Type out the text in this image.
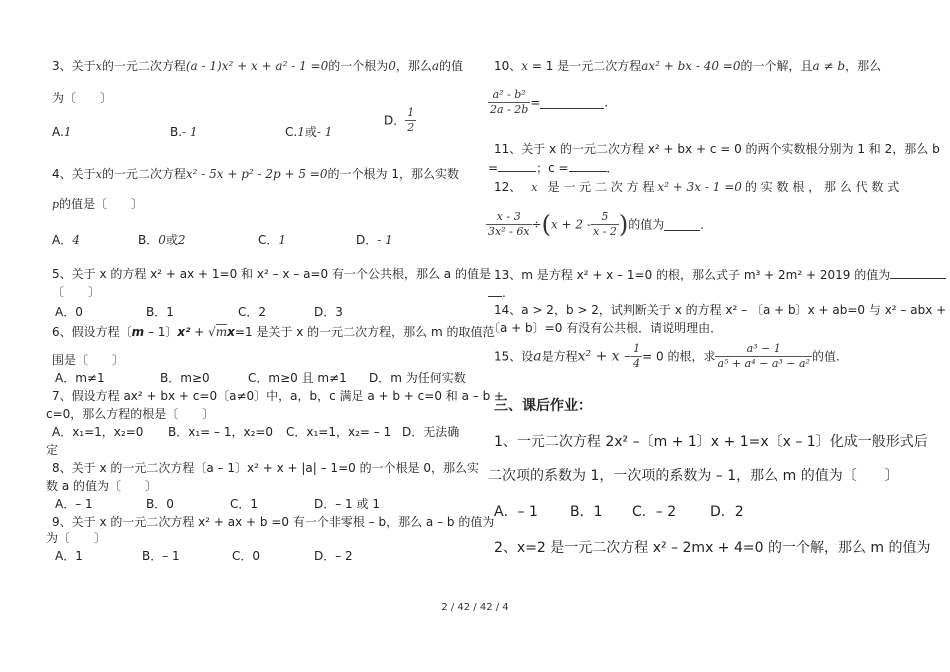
3、关于x的一元二次方程(a - 1)x² + x + a² - 1 =0的一个根为0，那么a的值
为〔　　〕
A.1	B.- 1	C.1或- 1
D． $\frac{1}{2}$
4、关于x的一元二次方程x² - 5x + p² - 2p + 5 =0的一个根为 1，那么实数
p的值是〔　　〕
A．4	B．0或2	C．1	D．- 1
5、关于 x 的方程 x² + ax + 1=0 和 x² – x – a=0 有一个公共根，那么 a 的值是
〔　　〕
A．0	B．1	C．2	D．3
6、假设方程〔m – 1〕x² + √mx=1 是关于 x 的一元二次方程，那么 m 的取值范
围是〔　　〕
A．m≠1	B．m≥0	C．m≥0 且 m≠1 D．m 为任何实数
7、假设方程 ax² + bx + c=0〔a≠0〕中，a，b，c 满足 a + b + c=0 和 a – b +
c=0，那么方程的根是〔　　〕
A．x₁=1，x₂=0 B．x₁= – 1，x₂=0 C．x₁=1，x₂= – 1 D．无法确
定
8、关于 x 的一元二次方程〔a – 1〕x² + x + |a| – 1=0 的一个根是 0，那么实
数 a 的值为〔　　〕
A．– 1	B．0	C．1	D．– 1 或 1
9、关于 x 的一元二次方程 x² + ax + b =0 有一个非零根 – b，那么 a – b 的值为
为〔　　〕
A．1	B．– 1	C．0	D．– 2
10、x = 1 是一元二次方程ax² + bx - 40 =0的一个解，且a ≠ b，那么
$\frac{\text{a² - b²}}{2a - 2b}$ =	.
11、关于 x 的一元二次方程 x² + bx + c = 0 的两个实数根分别为 1 和 2，那么 b
=	；c =	．
12、 x 是 一 元 二 次 方 程 x² + 3x - 1 =0 的 实 数 根 ， 那 么 代 数 式
$\frac{x - 3}{\text{3x² - 6x}} \div(x + 2 - \frac{5}{x - 2}$ )的值为	．
13、m 是方程 x² + x – 1=0 的根，那么式子 m³ + 2m² + 2019 的值为
.
14、a > 2，b > 2，试判断关于 x 的方程 x² – 〔a + b〕x + ab=0 与 x² – abx +
〔a + b〕=0 有没有公共根．请说明理由．
15、设a是方程$x^2 + x - \frac{1}{4} = 0$ 的根，求 $\frac{\text{a³ − 1}}{\text{a⁵ + a⁴ − a³ − a²}}$ 的值.
三、课后作业：
1、一元二次方程 2x² –〔m + 1〕x + 1=x〔x – 1〕化成一般形式后
二次项的系数为 1，一次项的系数为 – 1，那么 m 的值为〔　　〕
A．– 1 B．1 C．– 2 D．2
2、x=2 是一元二次方程 x² – 2mx + 4=0 的一个解，那么 m 的值为
2 / 42 / 42 / 4
